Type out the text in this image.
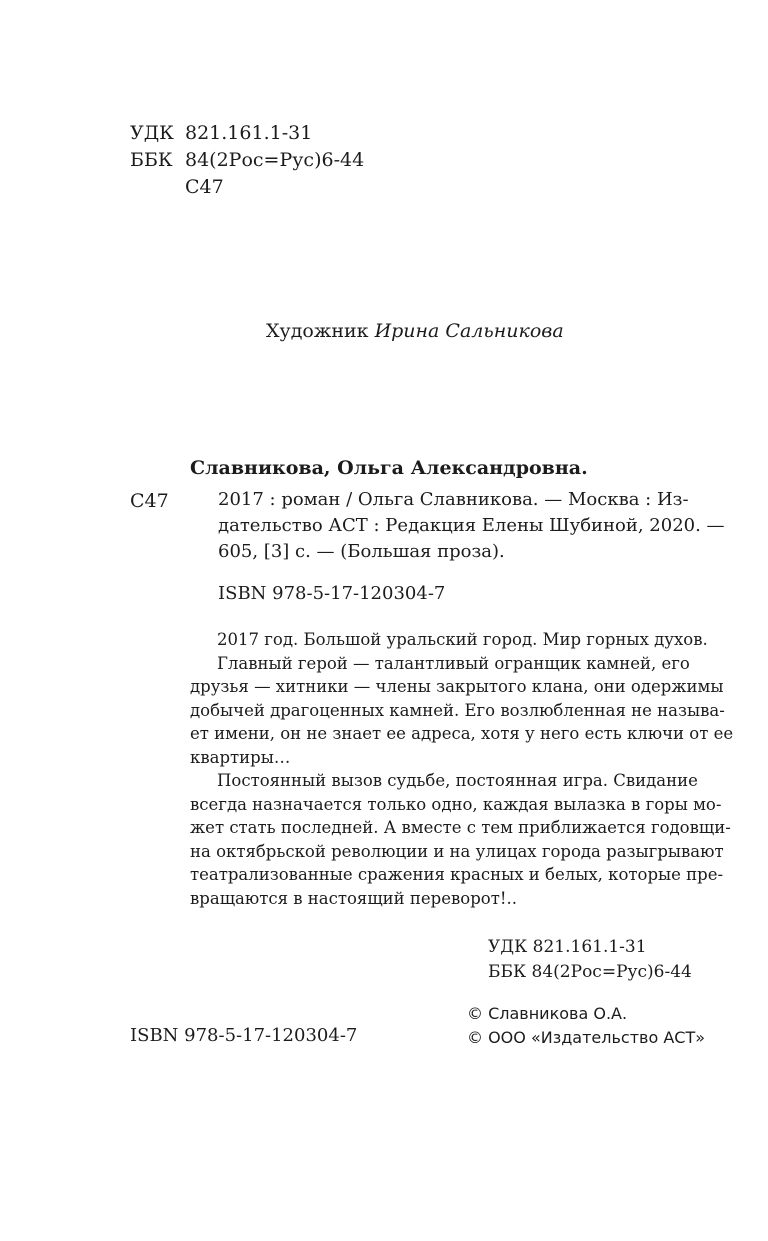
УДК 821.161.1-31
ББК 84(2Рос=Рус)6-44
С47
Художник Ирина Сальникова
Славникова, Ольга Александровна.
С47	2017 : роман / Ольга Славникова. — Москва : Из-
дательство АСТ : Редакция Елены Шубиной, 2020. —
605, [3] с. — (Большая проза).
ISBN 978-5-17-120304-7
2017 год. Большой уральский город. Мир горных духов.
Главный герой — талантливый огранщик камней, его
друзья — хитники — члены закрытого клана, они одержимы
добычей драгоценных камней. Его возлюбленная не называ-
ет имени, он не знает ее адреса, хотя у него есть ключи от ее
квартиры…
Постоянный вызов судьбе, постоянная игра. Свидание
всегда назначается только одно, каждая вылазка в горы мо-
жет стать последней. А вместе с тем приближается годовщи-
на октябрьской революции и на улицах города разыгрывают
театрализованные сражения красных и белых, которые пре-
вращаются в настоящий переворот!..
УДК 821.161.1-31
ББК 84(2Рос=Рус)6-44
© Славникова О.А.
© ООО «Издательство АСТ»
ISBN 978-5-17-120304-7
